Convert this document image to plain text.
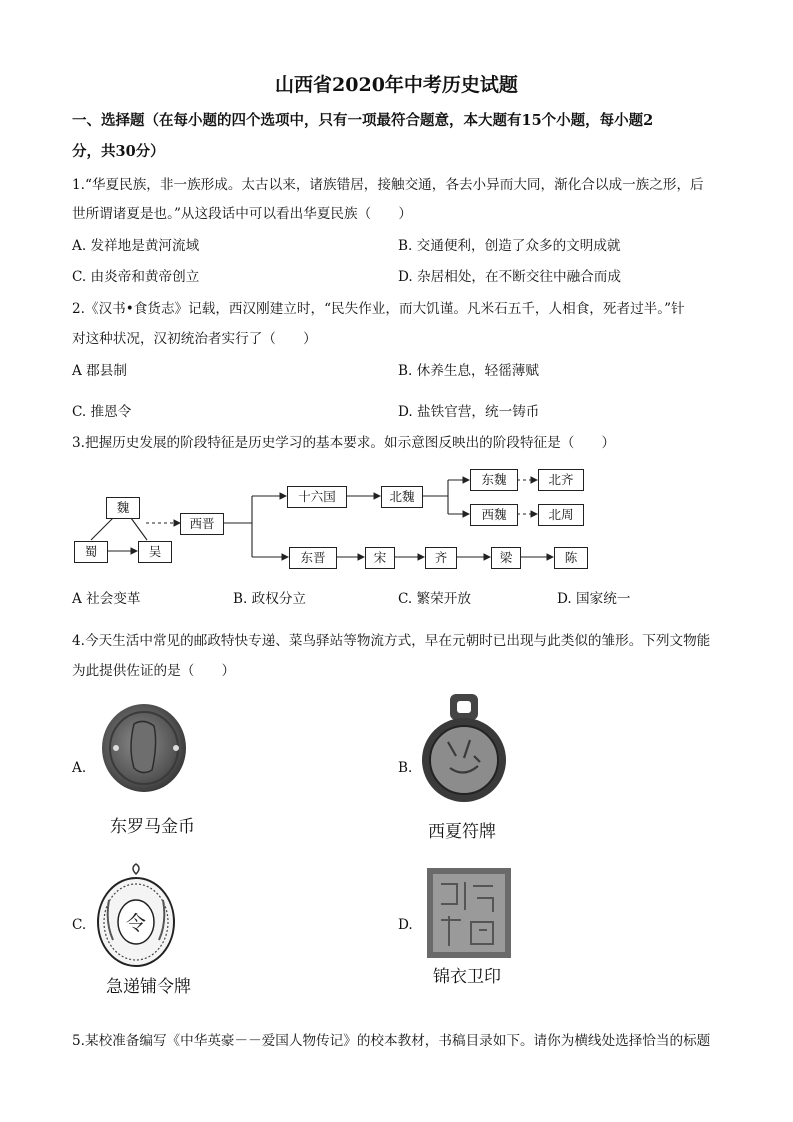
山西省2020年中考历史试题
一、选择题（在每小题的四个选项中，只有一项最符合题意，本大题有15个小题，每小题2
分，共30分）
1.“华夏民族，非一族形成。太古以来，诸族错居，接触交通，各去小异而大同，渐化合以成一族之形，后
世所谓诸夏是也。”从这段话中可以看出华夏民族（　　）
A. 发祥地是黄河流域	B. 交通便利，创造了众多的文明成就
C. 由炎帝和黄帝创立	D. 杂居相处，在不断交往中融合而成
2.《汉书•食货志》记载，西汉刚建立时，“民失作业，而大饥谨。凡米石五千，人相食，死者过半。”针
对这种状况，汉初统治者实行了（　　）
A 郡县制	B. 休养生息，轻徭薄赋
C. 推恩令	D. 盐铁官营，统一铸币
3.把握历史发展的阶段特征是历史学习的基本要求。如示意图反映出的阶段特征是（　　）
魏
蜀	吴
西晋
十六国	北魏
东魏
西魏
北齐
北周
东晋	宋	齐	梁	陈
A 社会变革	B. 政权分立	C. 繁荣开放	D. 国家统一
4.今天生活中常见的邮政特快专递、菜鸟驿站等物流方式，早在元朝时已出现与此类似的雏形。下列文物能
为此提供佐证的是（　　）
A.
东罗马金币
B.
西夏符牌
C. 令
急递铺令牌
D.
锦衣卫印
5.某校准备编写《中华英豪－－爱国人物传记》的校本教材，书稿目录如下。请你为横线处选择恰当的标题
